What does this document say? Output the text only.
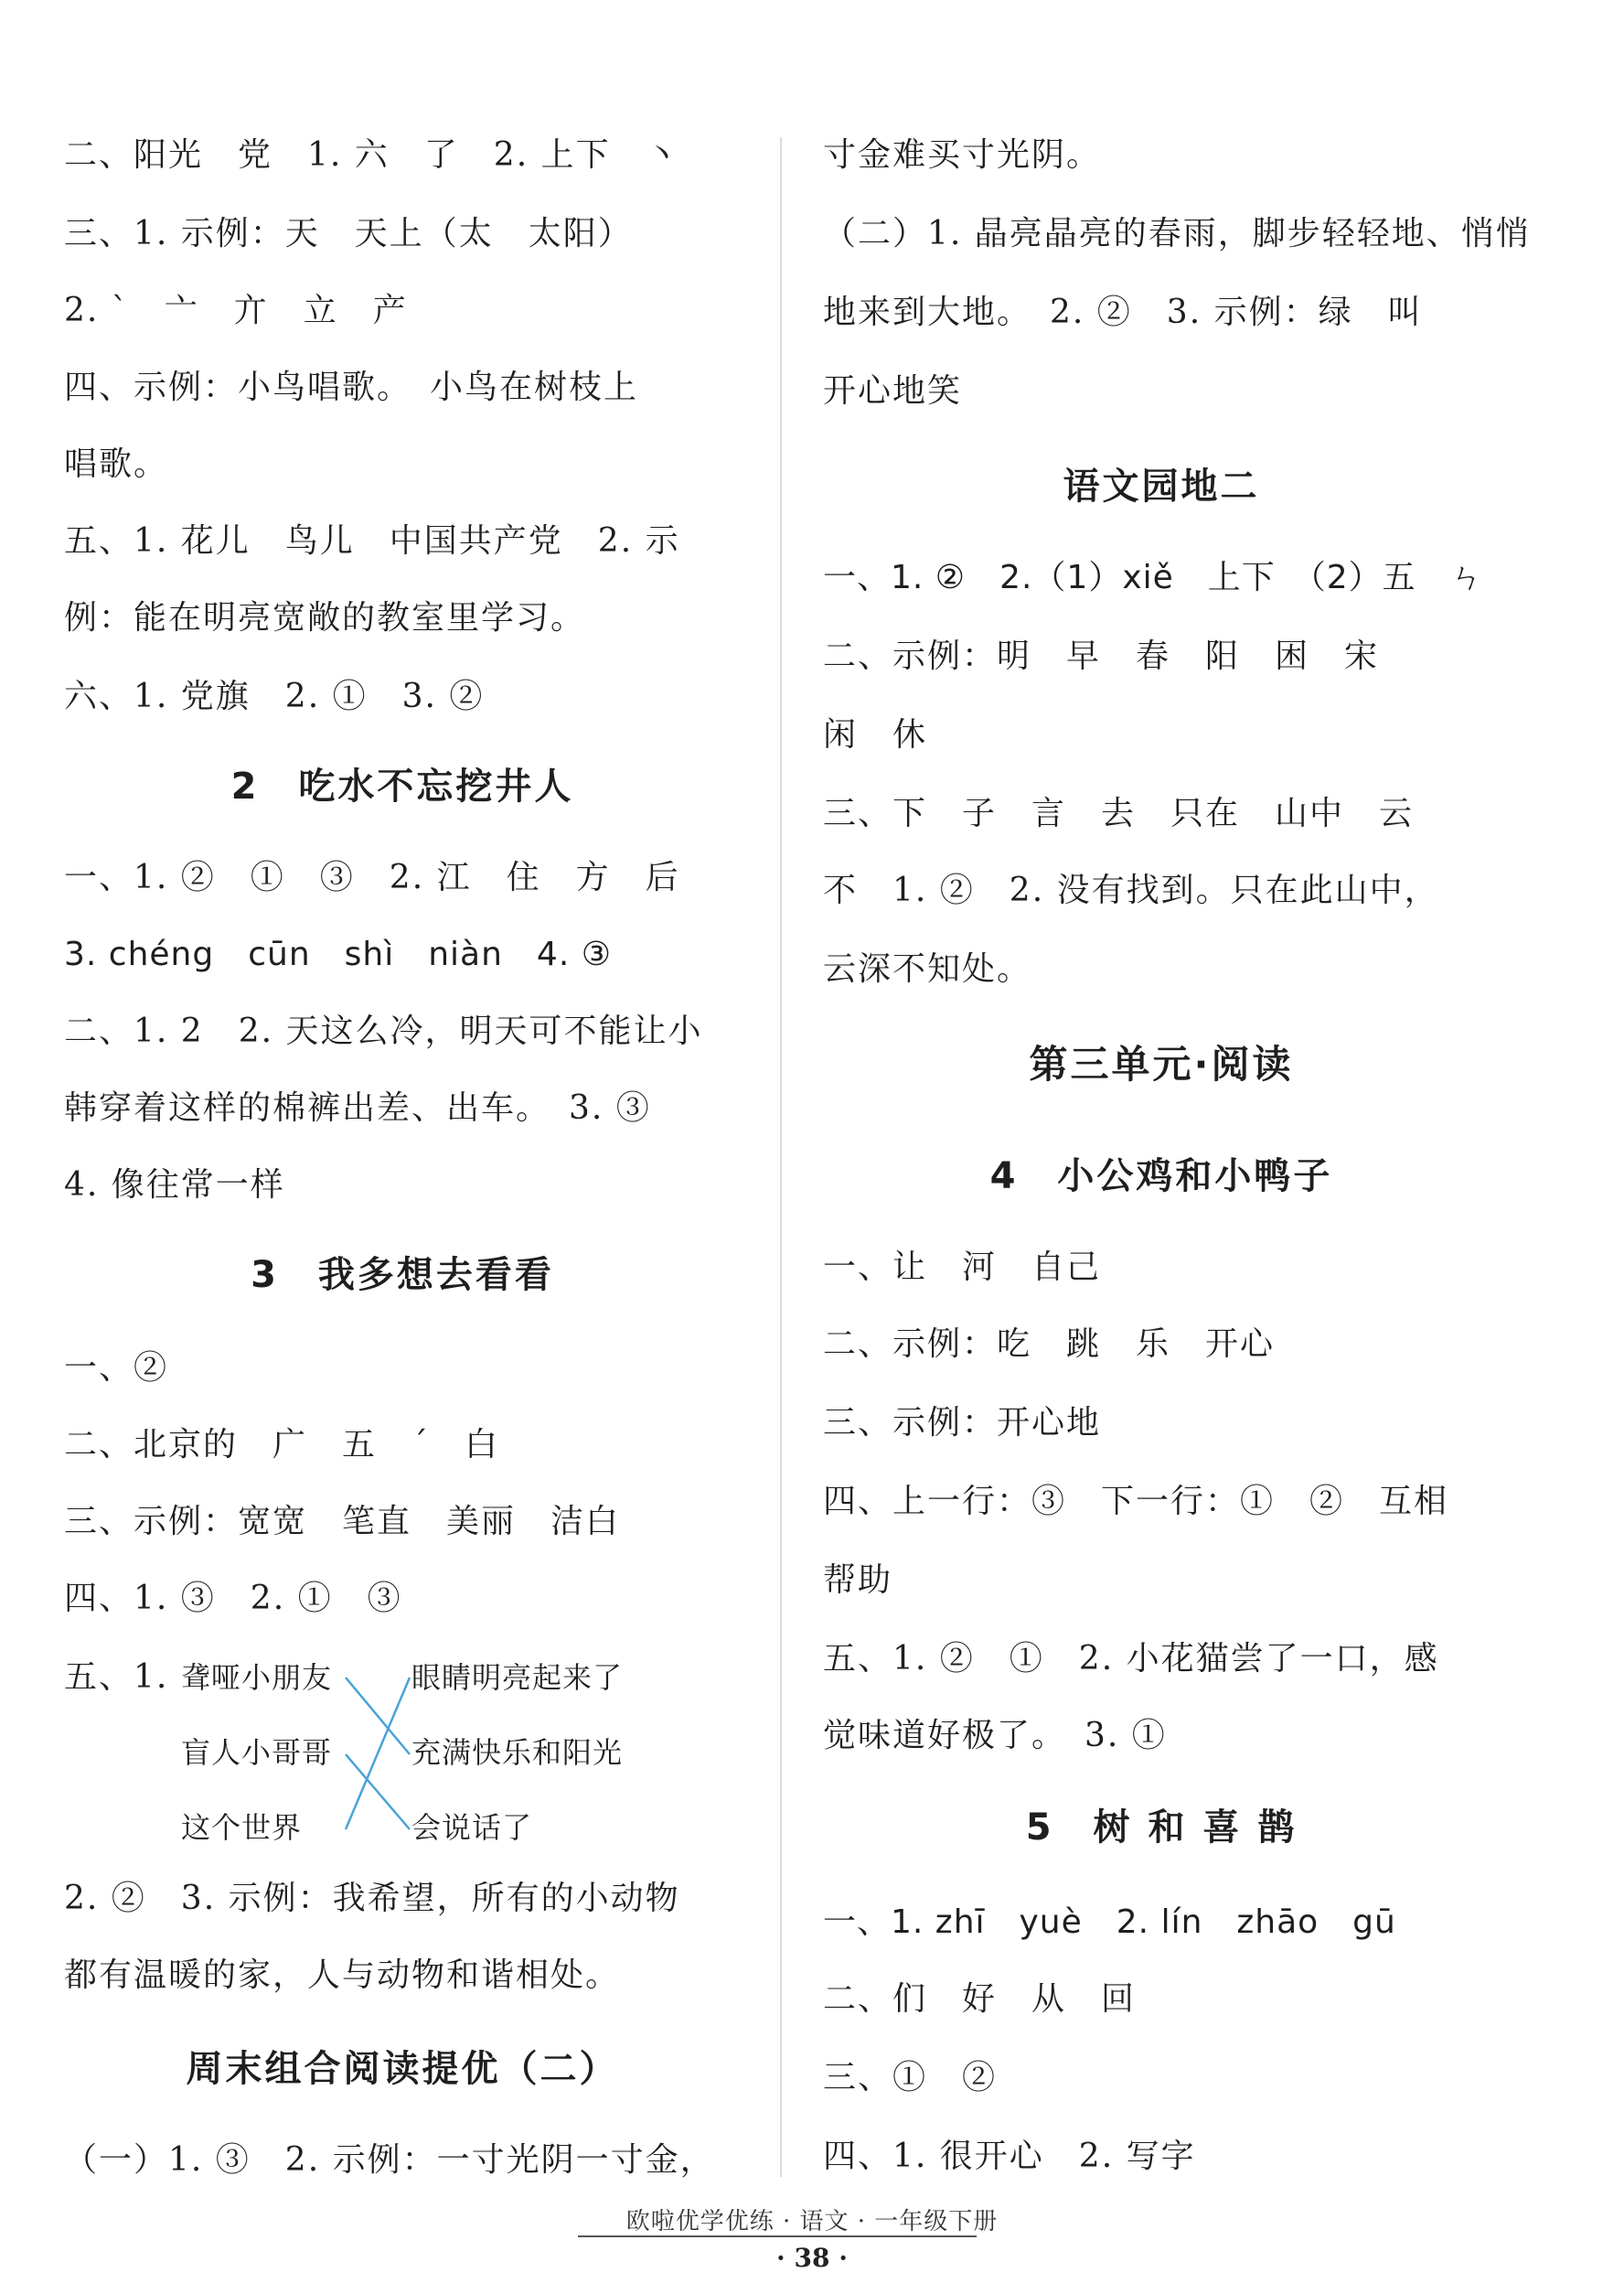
二、阳光　党　1. 六　了　2. 上下　丶
三、1. 示例：天　天上（太　太阳）
2. ˋ　亠　亣　立　产
四、示例：小鸟唱歌。　小鸟在树枝上
唱歌。
五、1. 花儿　鸟儿　中国共产党　2. 示
例：能在明亮宽敞的教室里学习。
六、1. 党旗　2. ①　3. ②
2　吃水不忘挖井人
一、1. ②　①　③　2. 江　住　方　后
3. chéng　cūn　shì　niàn　4. ③
二、1. 2　2. 天这么冷，明天可不能让小
韩穿着这样的棉裤出差、出车。　3. ③
4. 像往常一样
3　我多想去看看
一、②
二、北京的　广　五　ˊ　白
三、示例：宽宽　笔直　美丽　洁白
四、1. ③　2. ①　③
五、1. 聋哑小朋友
盲人小哥哥
这个世界
眼睛明亮起来了
充满快乐和阳光
会说话了
2. ②　3. 示例：我希望，所有的小动物
都有温暖的家，人与动物和谐相处。
周末组合阅读提优（二）
（一）1. ③　2. 示例：一寸光阴一寸金，
寸金难买寸光阴。
（二）1. 晶亮晶亮的春雨，脚步轻轻地、悄悄
地来到大地。　2. ②　3. 示例：绿　叫
开心地笑
语文园地二
一、1. ②　2.（1）xiě　上下　（2）五　ㄣ
二、示例：明　早　春　阳　困　宋
闲　休
三、下　子　言　去　只在　山中　云
不　1. ②　2. 没有找到。只在此山中，
云深不知处。
第三单元·阅读
4　小公鸡和小鸭子
一、让　河　自己
二、示例：吃　跳　乐　开心
三、示例：开心地
四、上一行：③　下一行：①　②　互相
帮助
五、1. ②　①　2. 小花猫尝了一口，感
觉味道好极了。　3. ①
5　树 和 喜 鹊
一、1. zhī　yuè　2. lín　zhāo　gū
二、们　好　从　回
三、①　②
四、1. 很开心　2. 写字
欧啦优学优练 · 语文 · 一年级下册
· 38 ·
